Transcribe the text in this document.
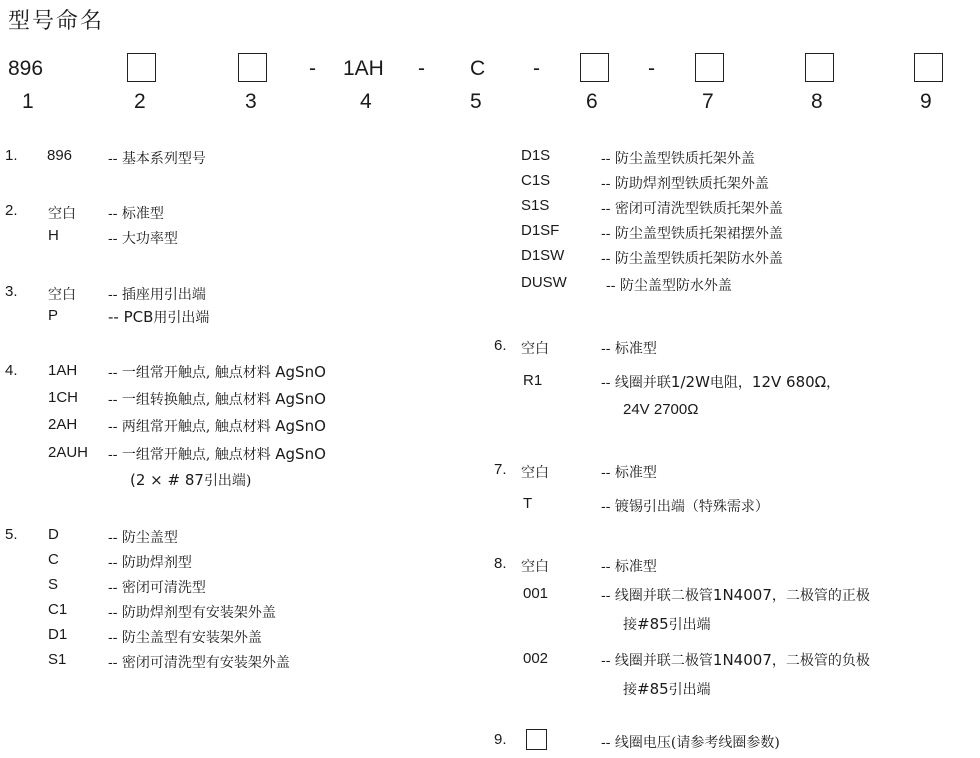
型号命名
896	- 1AH - C -	-
1	2	3	4	5	6	7	8	9
1. 896	-- 基本系列型号
2. 空白 -- 标准型
H	-- 大功率型
3. 空白 -- 插座用引出端
P	-- PCB用引出端
4. 1AH -- 一组常开触点, 触点材料 AgSnO
1CH -- 一组转换触点, 触点材料 AgSnO
2AH -- 两组常开触点, 触点材料 AgSnO
2AUH -- 一组常开触点, 触点材料 AgSnO
(2 × # 87引出端)
5. D	-- 防尘盖型
C	-- 防助焊剂型
S	-- 密闭可清洗型
C1	-- 防助焊剂型有安装架外盖
D1	-- 防尘盖型有安装架外盖
S1	-- 密闭可清洗型有安装架外盖
D1S	-- 防尘盖型铁质托架外盖
C1S	-- 防助焊剂型铁质托架外盖
S1S	-- 密闭可清洗型铁质托架外盖
D1SF	-- 防尘盖型铁质托架裙摆外盖
D1SW	-- 防尘盖型铁质托架防水外盖
DUSW	-- 防尘盖型防水外盖
6. 空白	-- 标准型
R1	-- 线圈并联1/2W电阻，12V 680Ω，
24V 2700Ω
7. 空白	-- 标准型
T	-- 镀锡引出端（特殊需求）
8. 空白	-- 标准型
001	-- 线圈并联二极管1N4007，二极管的正极
接#85引出端
002	-- 线圈并联二极管1N4007，二极管的负极
接#85引出端
9.	-- 线圈电压(请参考线圈参数)
